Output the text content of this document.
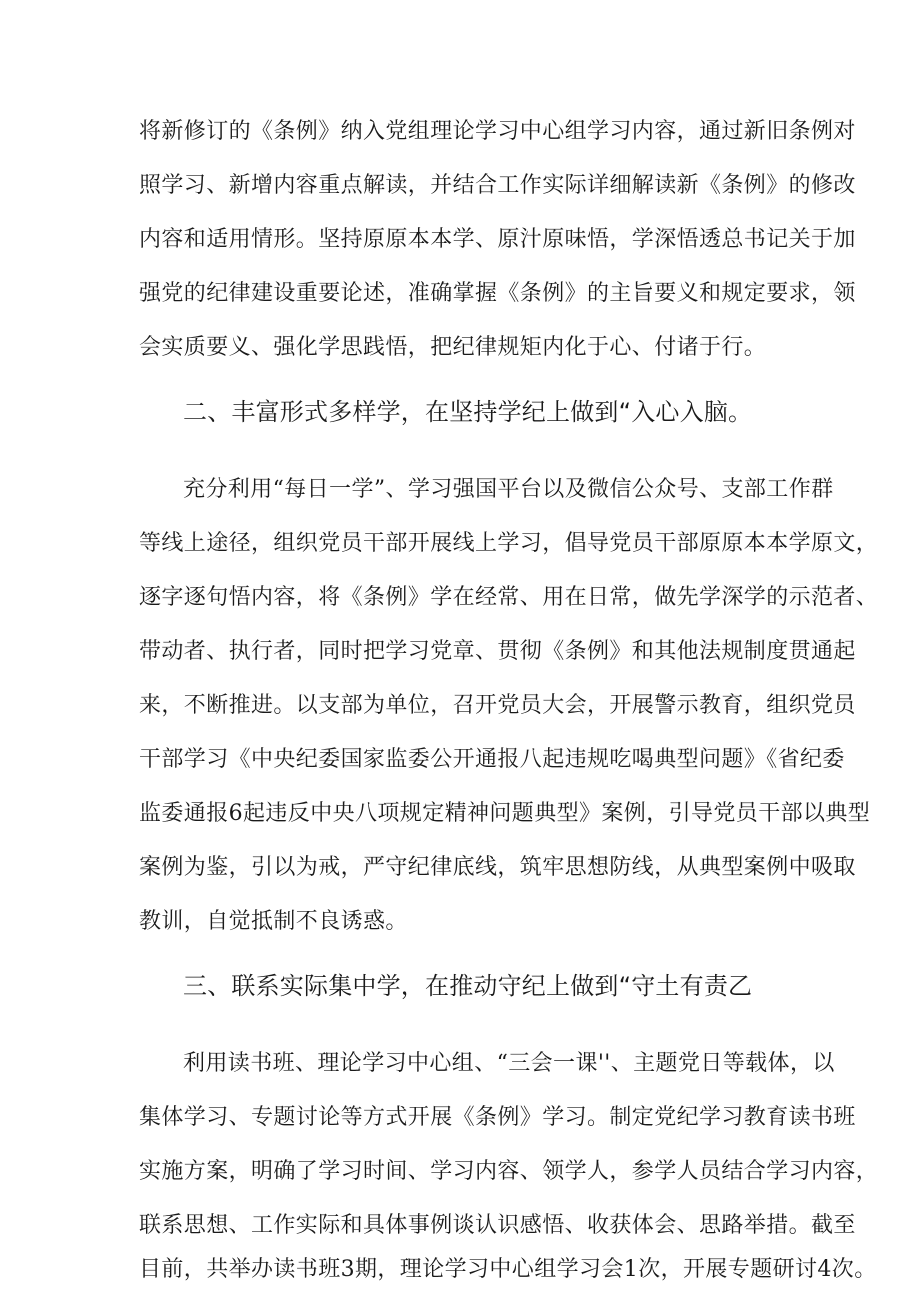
将新修订的《条例》纳入党组理论学习中心组学习内容，通过新旧条例对
照学习、新增内容重点解读，并结合工作实际详细解读新《条例》的修改
内容和适用情形。坚持原原本本学、原汁原味悟，学深悟透总书记关于加
强党的纪律建设重要论述，准确掌握《条例》的主旨要义和规定要求，领
会实质要义、强化学思践悟，把纪律规矩内化于心、付诸于行。
二、丰富形式多样学，在坚持学纪上做到“入心入脑。
充分利用“每日一学”、学习强国平台以及微信公众号、支部工作群
等线上途径，组织党员干部开展线上学习，倡导党员干部原原本本学原文，
逐字逐句悟内容，将《条例》学在经常、用在日常，做先学深学的示范者、
带动者、执行者，同时把学习党章、贯彻《条例》和其他法规制度贯通起
来，不断推进。以支部为单位，召开党员大会，开展警示教育，组织党员
干部学习《中央纪委国家监委公开通报八起违规吃喝典型问题》《省纪委
监委通报6起违反中央八项规定精神问题典型》案例，引导党员干部以典型
案例为鉴，引以为戒，严守纪律底线，筑牢思想防线，从典型案例中吸取
教训，自觉抵制不良诱惑。
三、联系实际集中学，在推动守纪上做到“守土有责乙
利用读书班、理论学习中心组、“三会一课''、主题党日等载体，以
集体学习、专题讨论等方式开展《条例》学习。制定党纪学习教育读书班
实施方案，明确了学习时间、学习内容、领学人，参学人员结合学习内容，
联系思想、工作实际和具体事例谈认识感悟、收获体会、思路举措。截至
目前，共举办读书班3期，理论学习中心组学习会1次，开展专题研讨4次。
